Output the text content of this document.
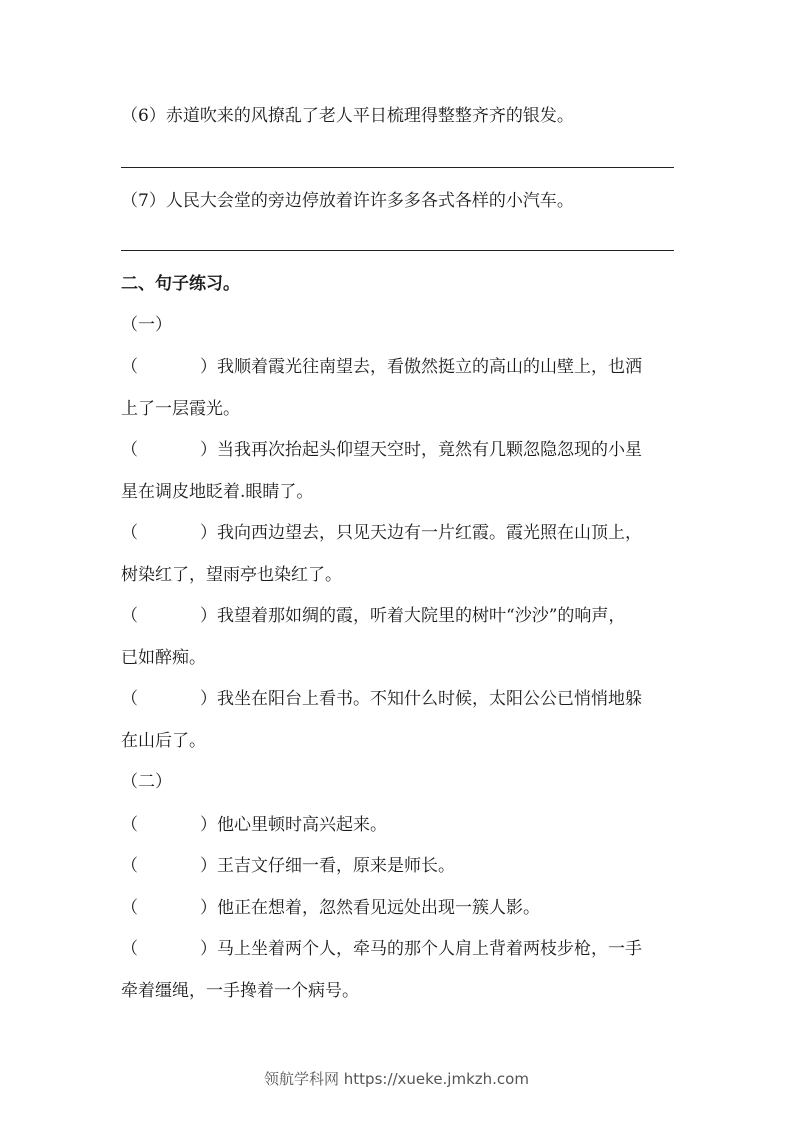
（6）赤道吹来的风撩乱了老人平日梳理得整整齐齐的银发。
（7）人民大会堂的旁边停放着许许多多各式各样的小汽车。
二、句子练习。
（一）
（	）我顺着霞光往南望去，看傲然挺立的高山的山壁上，也洒
上了一层霞光。
（	）当我再次抬起头仰望天空时，竟然有几颗忽隐忽现的小星
星在调皮地眨着.眼睛了。
（	）我向西边望去，只见天边有一片红霞。霞光照在山顶上，
树染红了，望雨亭也染红了。
（	）我望着那如绸的霞，听着大院里的树叶“沙沙”的响声，
已如醉痴。
（	）我坐在阳台上看书。不知什么时候，太阳公公已悄悄地躲
在山后了。
（二）
（	）他心里顿时高兴起来。
（	）王吉文仔细一看，原来是师长。
（	）他正在想着，忽然看见远处出现一簇人影。
（	）马上坐着两个人，牵马的那个人肩上背着两枝步枪，一手
牵着缰绳，一手搀着一个病号。
领航学科网 https://xueke.jmkzh.com
